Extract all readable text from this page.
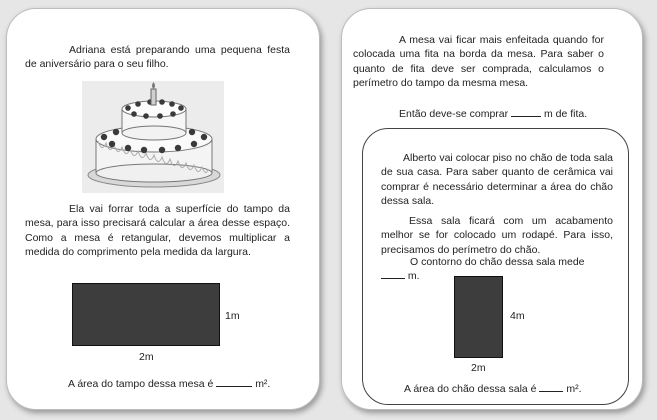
Adriana está preparando uma pequena festa de aniversário para o seu filho.

Ela vai forrar toda a superfície do tampo da mesa, para isso precisará calcular a área desse espaço. Como a mesa é retangular, devemos multiplicar a medida do comprimento pela medida da largura.

1m

2m

A área do tampo dessa mesa é	m².

A mesa vai ficar mais enfeitada quando for colocada uma fita na borda da mesa. Para saber o quanto de fita deve ser comprada, calculamos o perímetro do tampo da mesma mesa.

Então deve-se comprar	m de fita.

Alberto vai colocar piso no chão de toda sala de sua casa. Para saber quanto de cerâmica vai comprar é necessário determinar a área do chão dessa sala.

Essa sala ficará com um acabamento melhor se for colocado um rodapé. Para isso, precisamos do perímetro do chão.

O contorno do chão dessa sala mede

m.

4m

2m

A área do chão dessa sala é	m².
